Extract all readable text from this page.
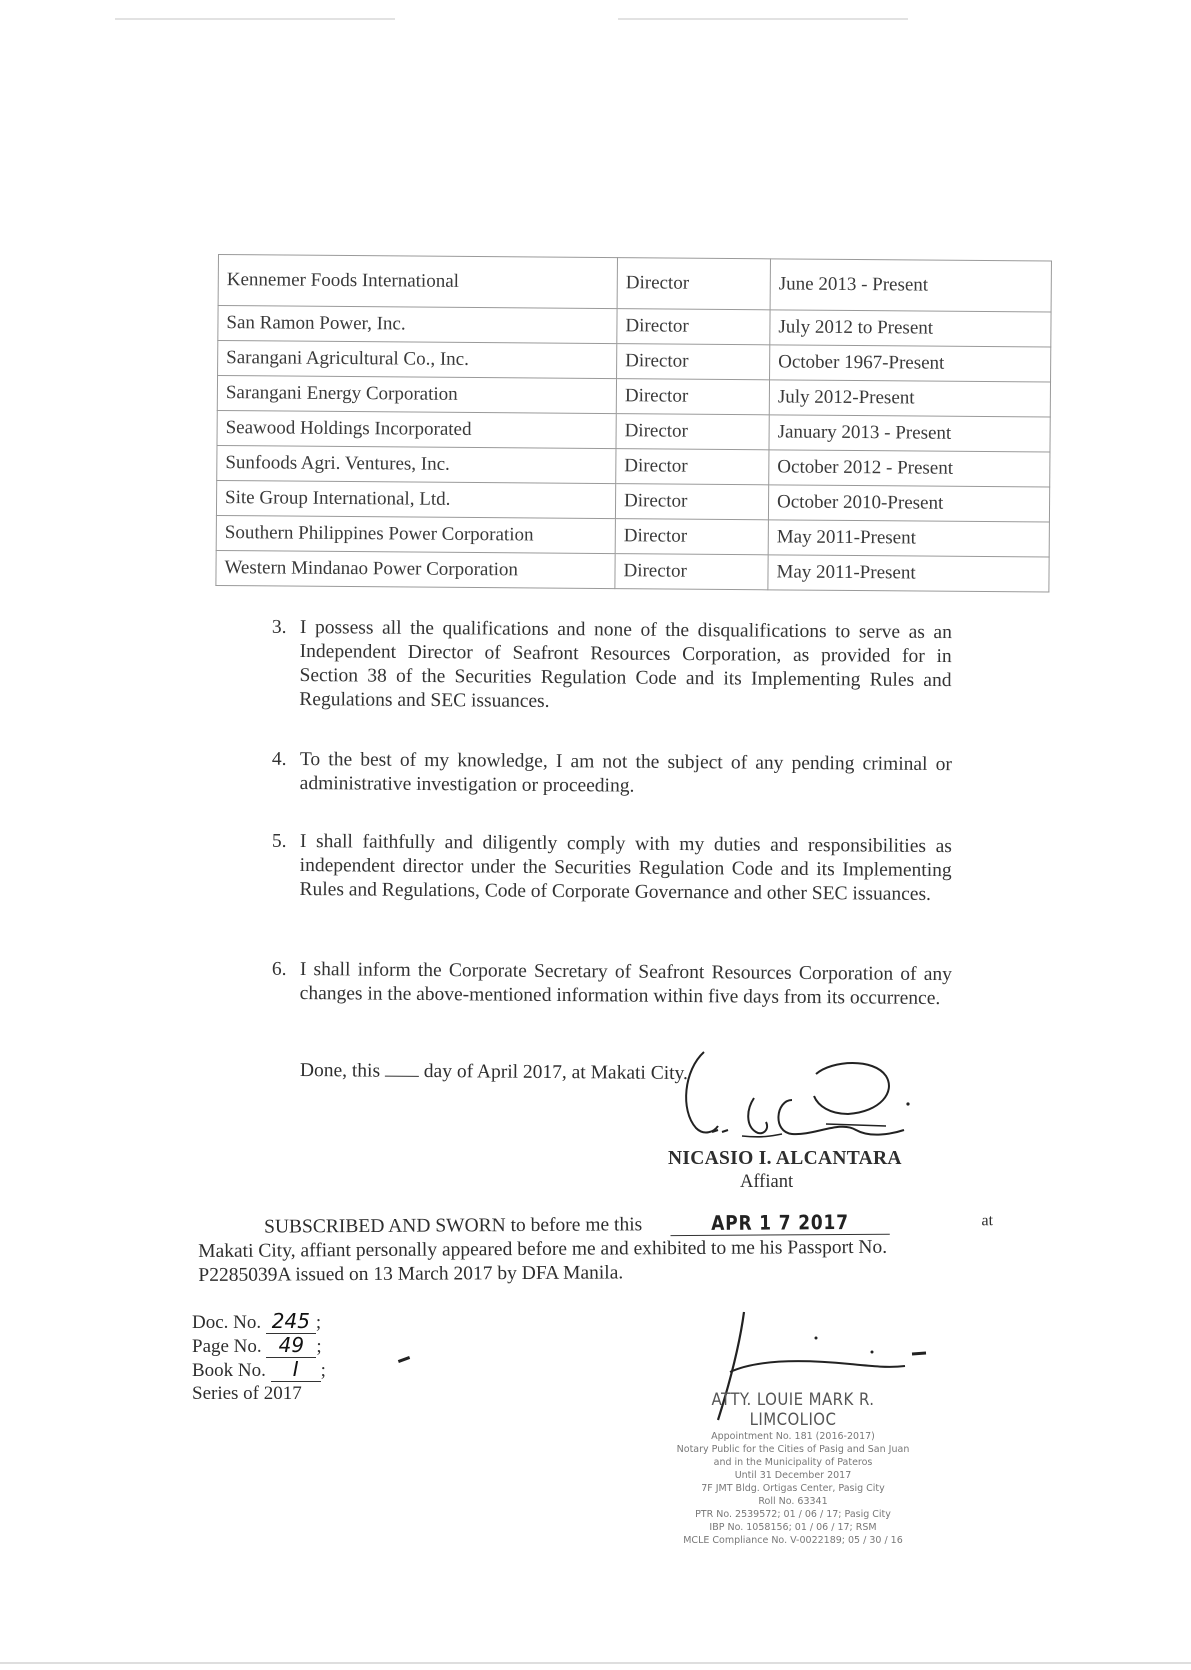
Kennemer Foods International	Director	June 2013 - Present
San Ramon Power, Inc.	Director	July 2012 to Present
Sarangani Agricultural Co., Inc.	Director	October 1967-Present
Sarangani Energy Corporation	Director	July 2012-Present
Seawood Holdings Incorporated	Director	January 2013 - Present
Sunfoods Agri. Ventures, Inc.	Director	October 2012 - Present
Site Group International, Ltd.	Director	October 2010-Present
Southern Philippines Power Corporation	Director	May 2011-Present
Western Mindanao Power Corporation	Director	May 2011-Present
3. I possess all the qualifications and none of the disqualifications to serve as an Independent Director of Seafront Resources Corporation, as provided for in Section 38 of the Securities Regulation Code and its Implementing Rules and Regulations and SEC issuances.
4. To the best of my knowledge, I am not the subject of any pending criminal or administrative investigation or proceeding.
5. I shall faithfully and diligently comply with my duties and responsibilities as independent director under the Securities Regulation Code and its Implementing Rules and Regulations, Code of Corporate Governance and other SEC issuances.
6. I shall inform the Corporate Secretary of Seafront Resources Corporation of any changes in the above-mentioned information within five days from its occurrence.
Done, this day of April 2017, at Makati City.
NICASIO I. ALCANTARA
Affiant
SUBSCRIBED AND SWORN to before me this	APR 1 7 2017	at
Makati City, affiant personally appeared before me and exhibited to me his Passport No.
P2285039A issued on 13 March 2017 by DFA Manila.
Doc. No. 245 ;
Page No. 49 ;
Book No. I ;
Series of 2017	ATTY. LOUIE MARK R. LIMCOLIOC
Appointment No. 181 (2016-2017)
Notary Public for the Cities of Pasig and San Juan
and in the Municipality of Pateros
Until 31 December 2017
7F JMT Bldg. Ortigas Center, Pasig City
Roll No. 63341
PTR No. 2539572; 01 / 06 / 17; Pasig City
IBP No. 1058156; 01 / 06 / 17; RSM
MCLE Compliance No. V-0022189; 05 / 30 / 16
